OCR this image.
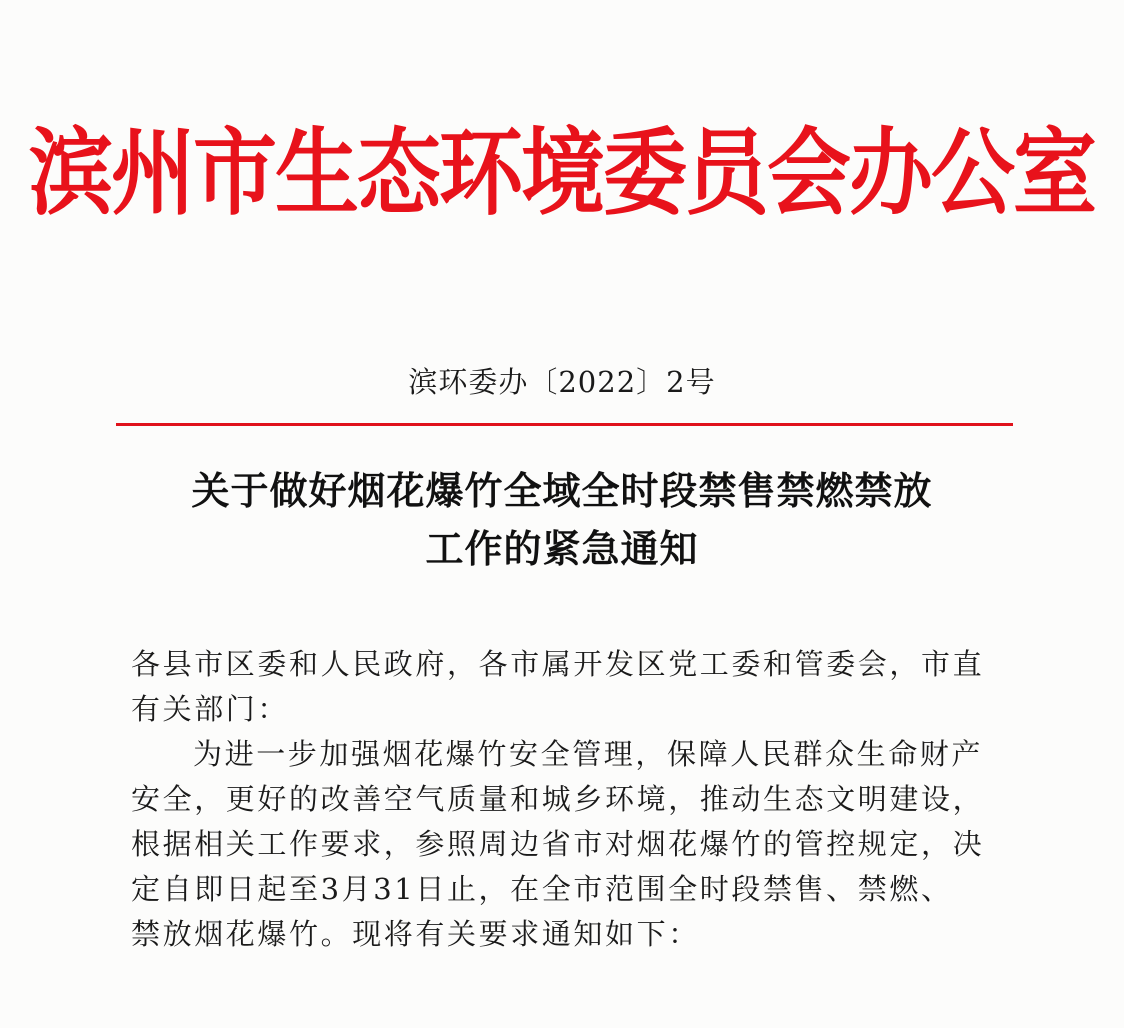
滨州市生态环境委员会办公室
滨环委办〔2022〕2号
关于做好烟花爆竹全域全时段禁售禁燃禁放
工作的紧急通知
各县市区委和人民政府，各市属开发区党工委和管委会，市直
有关部门：
为进一步加强烟花爆竹安全管理，保障人民群众生命财产
安全，更好的改善空气质量和城乡环境，推动生态文明建设，
根据相关工作要求，参照周边省市对烟花爆竹的管控规定，决
定自即日起至3月31日止，在全市范围全时段禁售、禁燃、
禁放烟花爆竹。现将有关要求通知如下：
